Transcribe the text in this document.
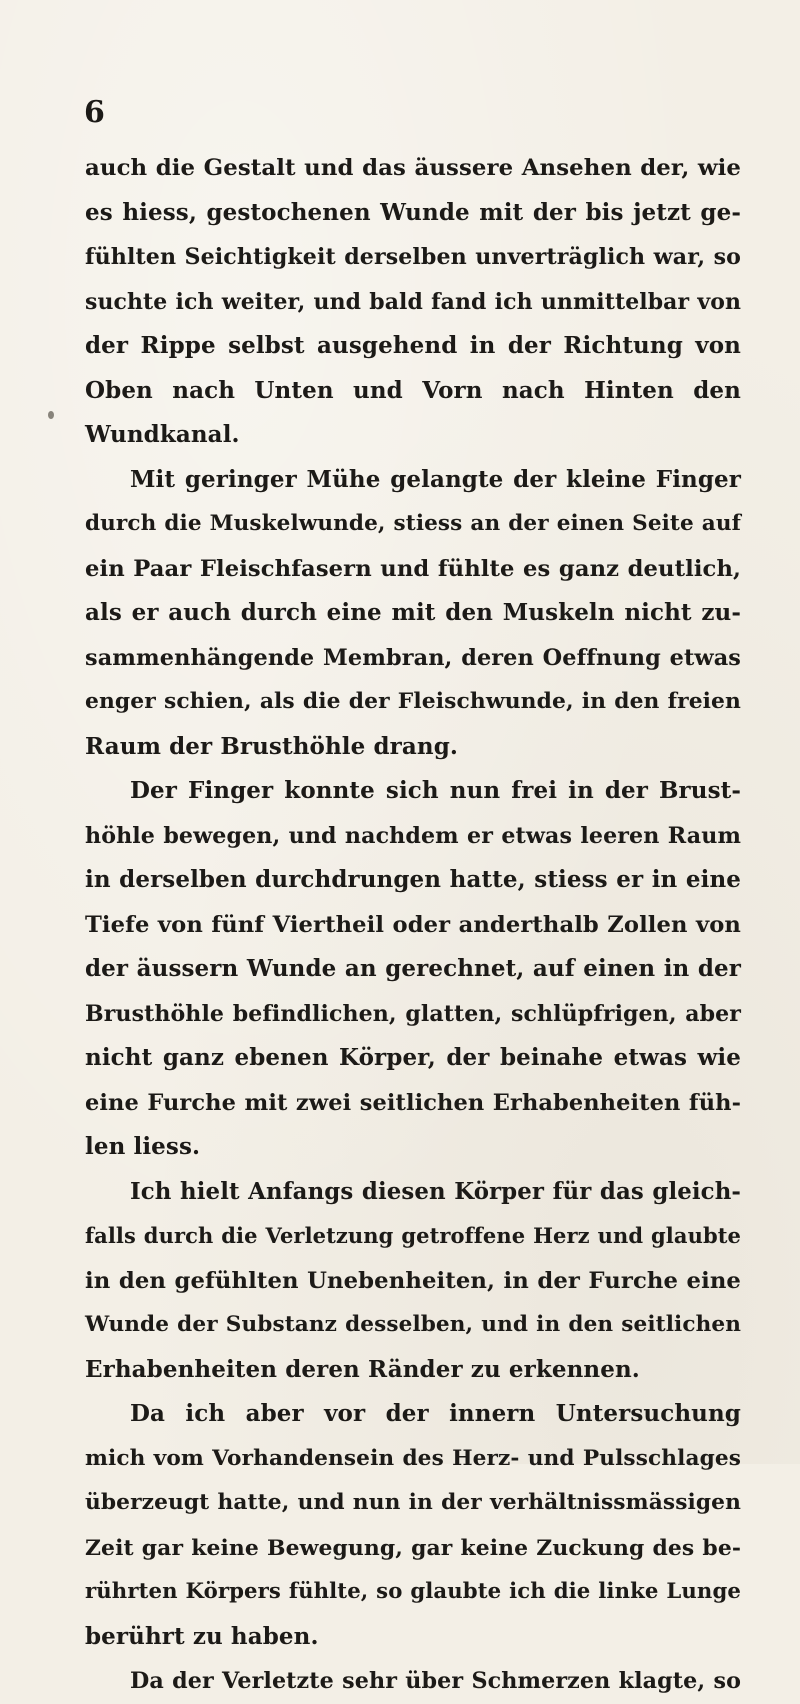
6
auch die Gestalt und das äussere Ansehen der, wie
es hiess, gestochenen Wunde mit der bis jetzt ge-
fühlten Seichtigkeit derselben unverträglich war, so
suchte ich weiter, und bald fand ich unmittelbar von
der Rippe selbst ausgehend in der Richtung von
Oben nach Unten und Vorn nach Hinten den
Wundkanal.
Mit geringer Mühe gelangte der kleine Finger
durch die Muskelwunde, stiess an der einen Seite auf
ein Paar Fleischfasern und fühlte es ganz deutlich,
als er auch durch eine mit den Muskeln nicht zu-
sammenhängende Membran, deren Oeffnung etwas
enger schien, als die der Fleischwunde, in den freien
Raum der Brusthöhle drang.
Der Finger konnte sich nun frei in der Brust-
höhle bewegen, und nachdem er etwas leeren Raum
in derselben durchdrungen hatte, stiess er in eine
Tiefe von fünf Viertheil oder anderthalb Zollen von
der äussern Wunde an gerechnet, auf einen in der
Brusthöhle befindlichen, glatten, schlüpfrigen, aber
nicht ganz ebenen Körper, der beinahe etwas wie
eine Furche mit zwei seitlichen Erhabenheiten füh-
len liess.
Ich hielt Anfangs diesen Körper für das gleich-
falls durch die Verletzung getroffene Herz und glaubte
in den gefühlten Unebenheiten, in der Furche eine
Wunde der Substanz desselben, und in den seitlichen
Erhabenheiten deren Ränder zu erkennen.
Da ich aber vor der innern Untersuchung
mich vom Vorhandensein des Herz- und Pulsschlages
überzeugt hatte, und nun in der verhältnissmässigen
Zeit gar keine Bewegung, gar keine Zuckung des be-
rührten Körpers fühlte, so glaubte ich die linke Lunge
berührt zu haben.
Da der Verletzte sehr über Schmerzen klagte, so
